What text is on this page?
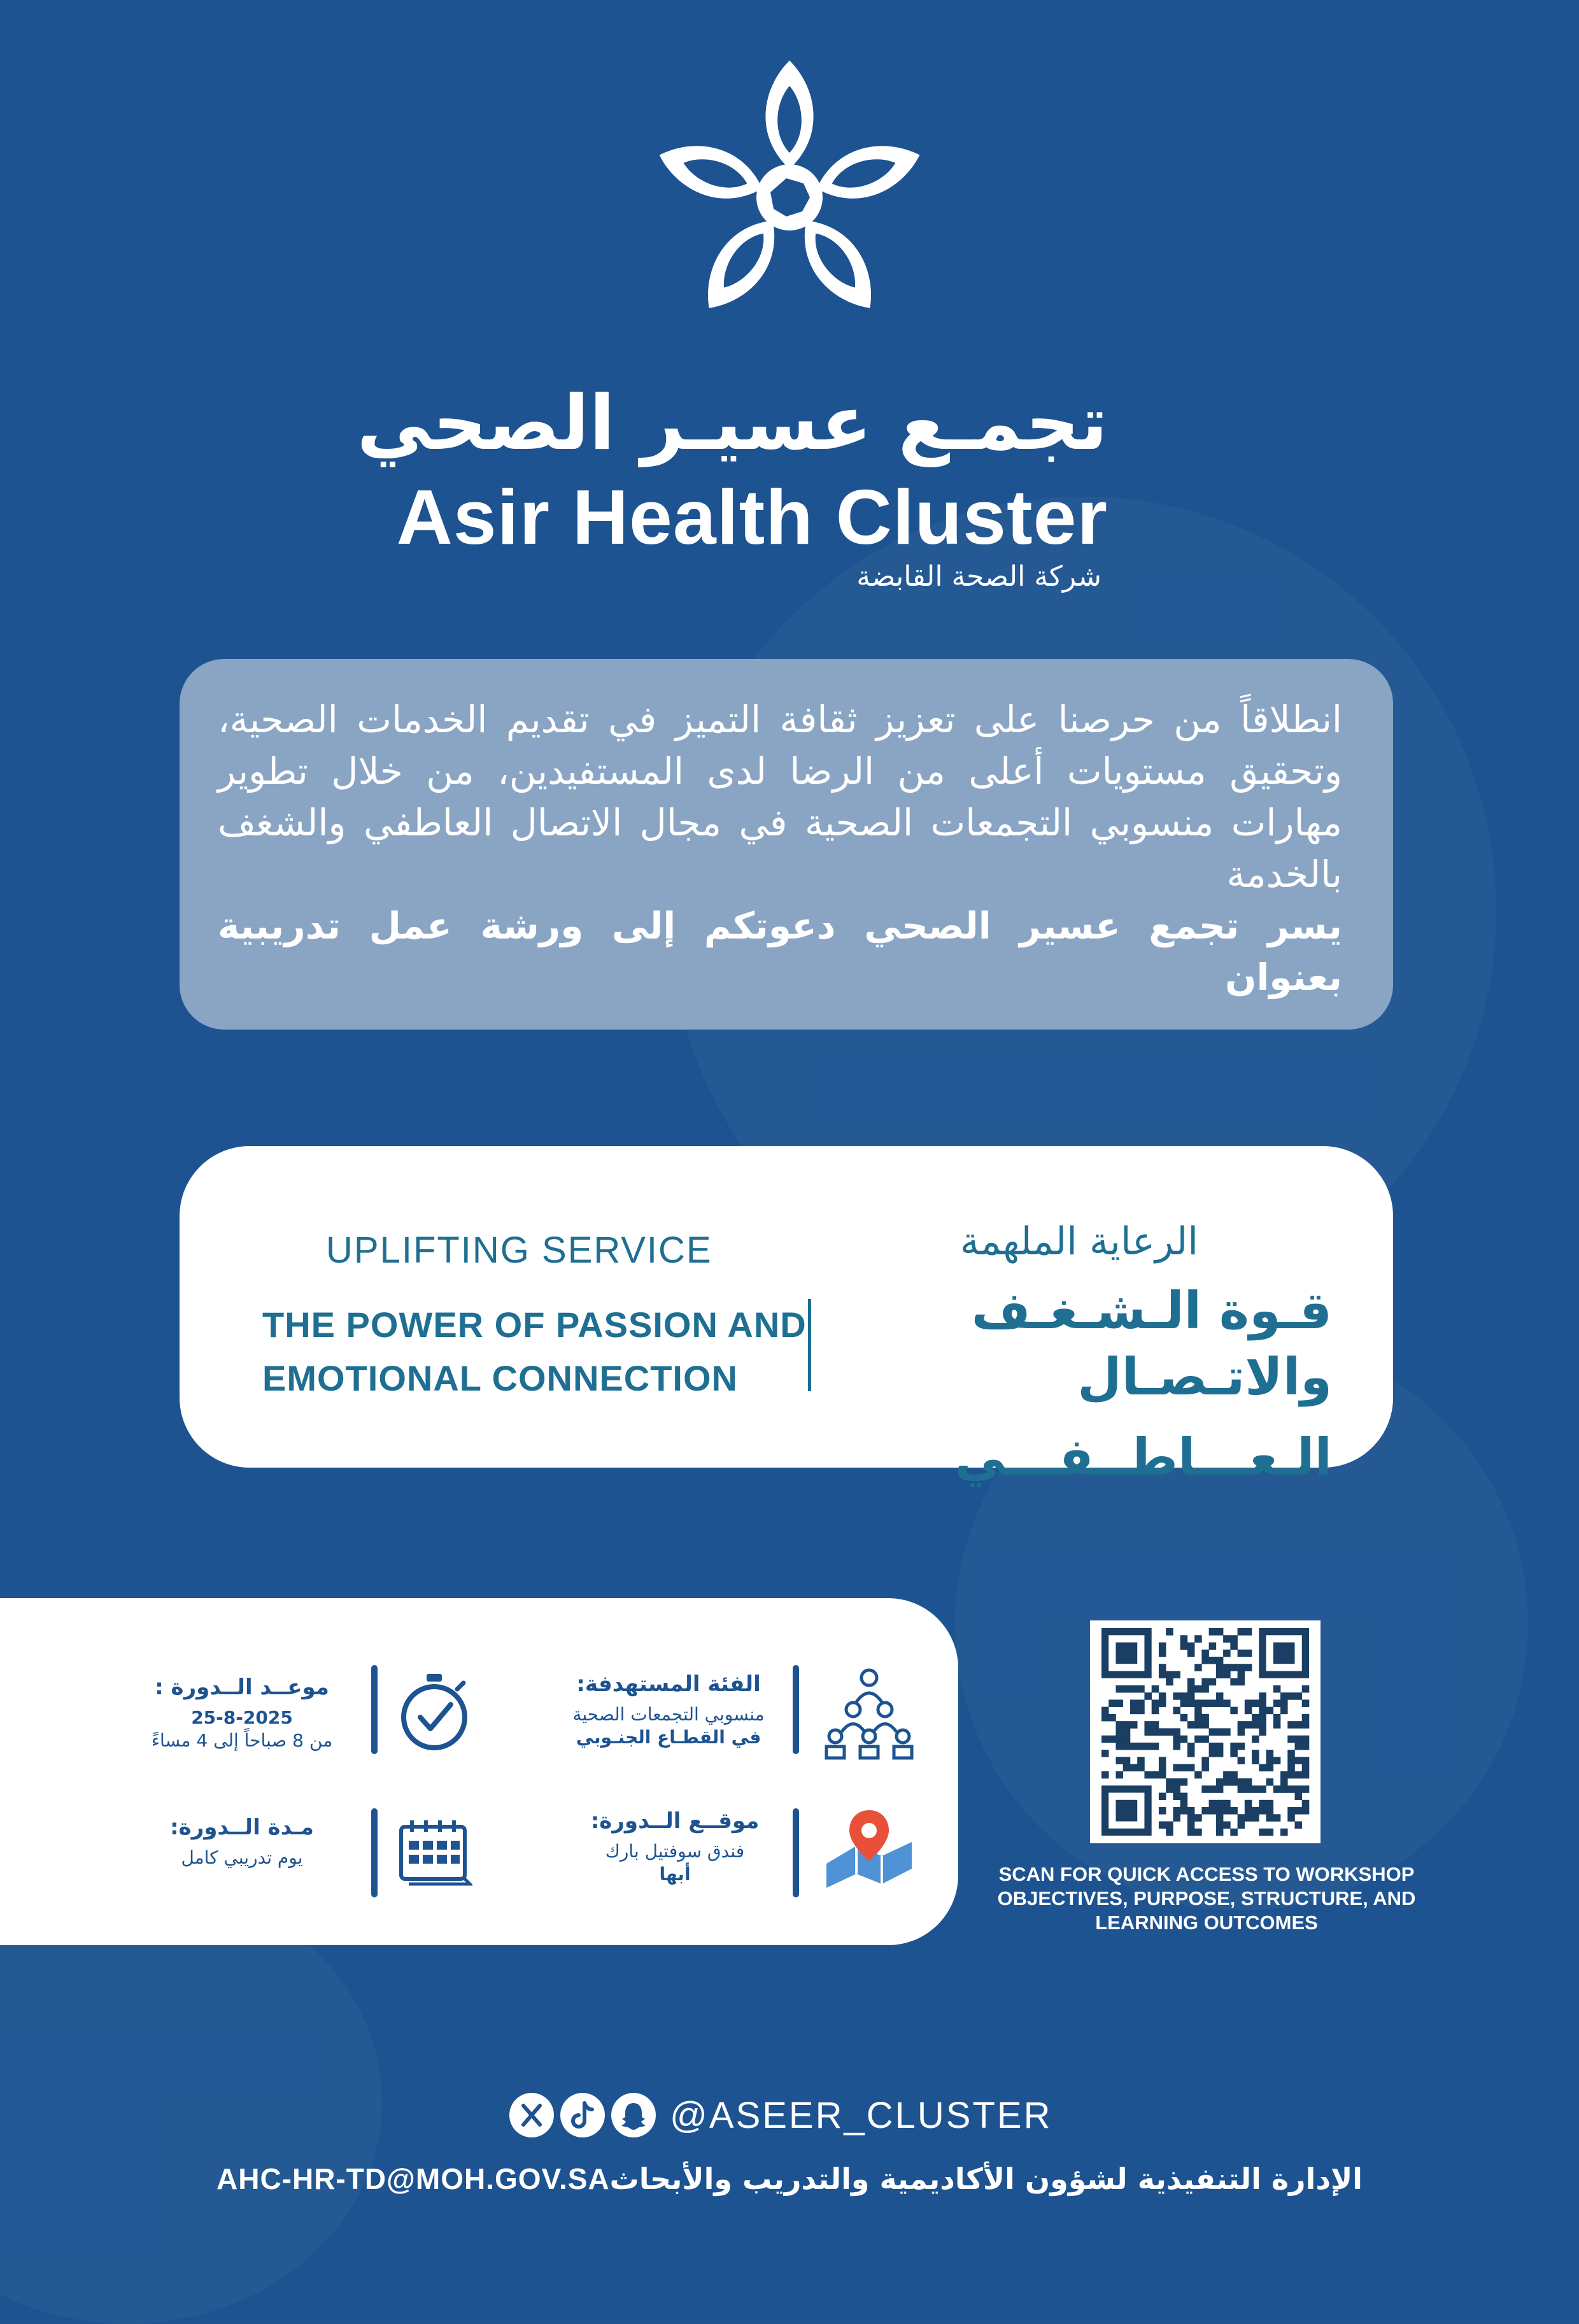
تجمـع عسيـر الصحي
Asir Health Cluster
شركة الصحة القابضة

انطلاقاً من حرصنا على تعزيز ثقافة التميز في تقديم الخدمات الصحية، وتحقيق مستويات أعلى من الرضا لدى المستفيدين، من خلال تطوير مهارات منسوبي التجمعات الصحية في مجال الاتصال العاطفي والشغف بالخدمة

يسر تجمع عسير الصحي دعوتكم إلى ورشة عمل تدريبية بعنوان

UPLIFTING SERVICE
THE POWER OF PASSION AND
EMOTIONAL CONNECTION
الرعاية الملهمة
قـوة الـشـغـف والاتـصـال
الـعـــاطــفـــي
موعــد الــدورة :
25-8-2025
من 8 صباحاً إلى 4 مساءً
الفئة المستهدفة:
منسوبي التجمعات الصحية
في القطـاع الجنـوبي
مـدة الــدورة:
يوم تدريبي كامل
موقــع الــدورة:
فندق سوفتيل بارك
أبها	SCAN FOR QUICK ACCESS TO WORKSHOP
OBJECTIVES, PURPOSE, STRUCTURE, AND
LEARNING OUTCOMES
@ASEER_CLUSTER
AHC-HR-TD@MOH.GOV.SA الإدارة التنفيذية لشؤون الأكاديمية والتدريب والأبحاث
